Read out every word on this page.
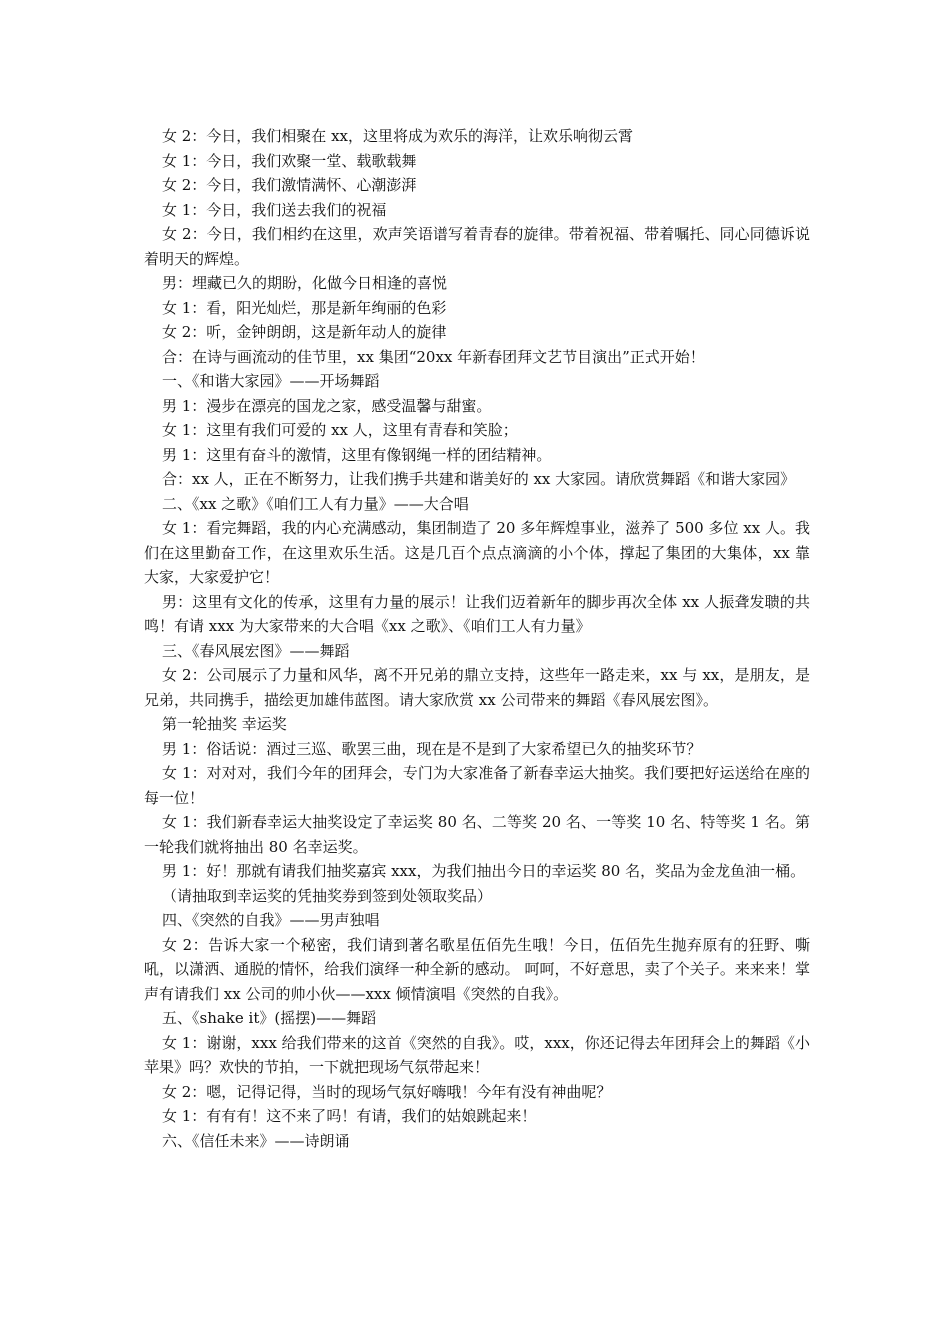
女 2：今日，我们相聚在 xx，这里将成为欢乐的海洋，让欢乐响彻云霄

女 1：今日，我们欢聚一堂、载歌载舞

女 2：今日，我们激情满怀、心潮澎湃

女 1：今日，我们送去我们的祝福

女 2：今日，我们相约在这里，欢声笑语谱写着青春的旋律。带着祝福、带着嘱托、同心同德诉说着明天的辉煌。

男：埋藏已久的期盼，化做今日相逢的喜悦

女 1：看，阳光灿烂，那是新年绚丽的色彩

女 2：听，金钟朗朗，这是新年动人的旋律

合：在诗与画流动的佳节里，xx 集团“20xx 年新春团拜文艺节目演出”正式开始！

一、《和谐大家园》——开场舞蹈

男 1：漫步在漂亮的国龙之家，感受温馨与甜蜜。

女 1：这里有我们可爱的 xx 人，这里有青春和笑脸；

男 1：这里有奋斗的激情，这里有像钢绳一样的团结精神。

合：xx 人，正在不断努力，让我们携手共建和谐美好的 xx 大家园。请欣赏舞蹈《和谐大家园》

二、《xx 之歌》《咱们工人有力量》——大合唱

女 1：看完舞蹈，我的内心充满感动，集团制造了 20 多年辉煌事业，滋养了 500 多位 xx 人。我们在这里勤奋工作，在这里欢乐生活。这是几百个点点滴滴的小个体，撑起了集团的大集体，xx 靠大家，大家爱护它！

男：这里有文化的传承，这里有力量的展示！让我们迈着新年的脚步再次全体 xx 人振聋发聩的共鸣！有请 xxx 为大家带来的大合唱《xx 之歌》、《咱们工人有力量》

三、《春风展宏图》——舞蹈

女 2：公司展示了力量和风华，离不开兄弟的鼎立支持，这些年一路走来，xx 与 xx，是朋友，是兄弟，共同携手，描绘更加雄伟蓝图。请大家欣赏 xx 公司带来的舞蹈《春风展宏图》。

第一轮抽奖 幸运奖

男 1：俗话说：酒过三巡、歌罢三曲，现在是不是到了大家希望已久的抽奖环节？

女 1：对对对，我们今年的团拜会，专门为大家准备了新春幸运大抽奖。我们要把好运送给在座的每一位！

女 1：我们新春幸运大抽奖设定了幸运奖 80 名、二等奖 20 名、一等奖 10 名、特等奖 1 名。第一轮我们就将抽出 80 名幸运奖。

男 1：好！那就有请我们抽奖嘉宾 xxx，为我们抽出今日的幸运奖 80 名，奖品为金龙鱼油一桶。

（请抽取到幸运奖的凭抽奖券到签到处领取奖品）

四、《突然的自我》——男声独唱

女 2：告诉大家一个秘密，我们请到著名歌星伍佰先生哦！今日，伍佰先生抛弃原有的狂野、嘶吼，以潇洒、通脱的情怀，给我们演绎一种全新的感动。 呵呵，不好意思，卖了个关子。来来来！掌声有请我们 xx 公司的帅小伙——xxx 倾情演唱《突然的自我》。

五、《shake it》(摇摆)——舞蹈

女 1：谢谢，xxx 给我们带来的这首《突然的自我》。哎，xxx，你还记得去年团拜会上的舞蹈《小苹果》吗？欢快的节拍，一下就把现场气氛带起来！

女 2：嗯，记得记得，当时的现场气氛好嗨哦！今年有没有神曲呢？

女 1：有有有！这不来了吗！有请，我们的姑娘跳起来！

六、《信任未来》——诗朗诵
